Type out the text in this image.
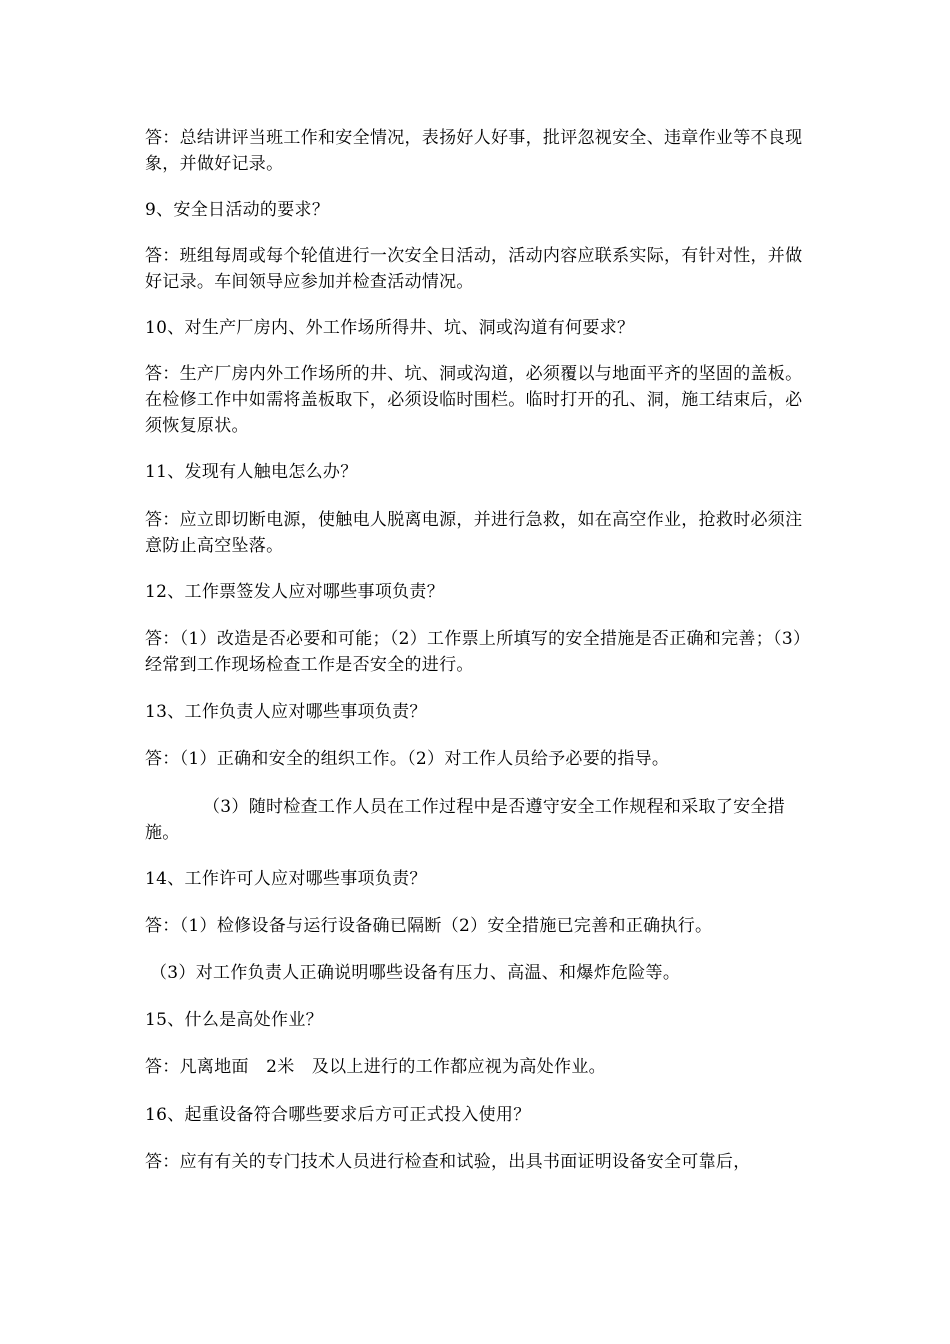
答：总结讲评当班工作和安全情况，表扬好人好事，批评忽视安全、违章作业等不良现象，并做好记录。

9、安全日活动的要求？

答：班组每周或每个轮值进行一次安全日活动，活动内容应联系实际，有针对性，并做好记录。车间领导应参加并检查活动情况。

10、对生产厂房内、外工作场所得井、坑、洞或沟道有何要求？

答：生产厂房内外工作场所的井、坑、洞或沟道，必须覆以与地面平齐的坚固的盖板。在检修工作中如需将盖板取下，必须设临时围栏。临时打开的孔、洞，施工结束后，必须恢复原状。

11、发现有人触电怎么办？

答：应立即切断电源，使触电人脱离电源，并进行急救，如在高空作业，抢救时必须注意防止高空坠落。

12、工作票签发人应对哪些事项负责？

答：（1）改造是否必要和可能；（2）工作票上所填写的安全措施是否正确和完善；（3）经常到工作现场检查工作是否安全的进行。

13、工作负责人应对哪些事项负责？

答：（1）正确和安全的组织工作。（2）对工作人员给予必要的指导。

（3）随时检查工作人员在工作过程中是否遵守安全工作规程和采取了安全措施。

14、工作许可人应对哪些事项负责？

答：（1）检修设备与运行设备确已隔断（2）安全措施已完善和正确执行。

（3）对工作负责人正确说明哪些设备有压力、高温、和爆炸危险等。

15、什么是高处作业？

答：凡离地面　2米　及以上进行的工作都应视为高处作业。

16、起重设备符合哪些要求后方可正式投入使用？

答：应有有关的专门技术人员进行检查和试验，出具书面证明设备安全可靠后，
